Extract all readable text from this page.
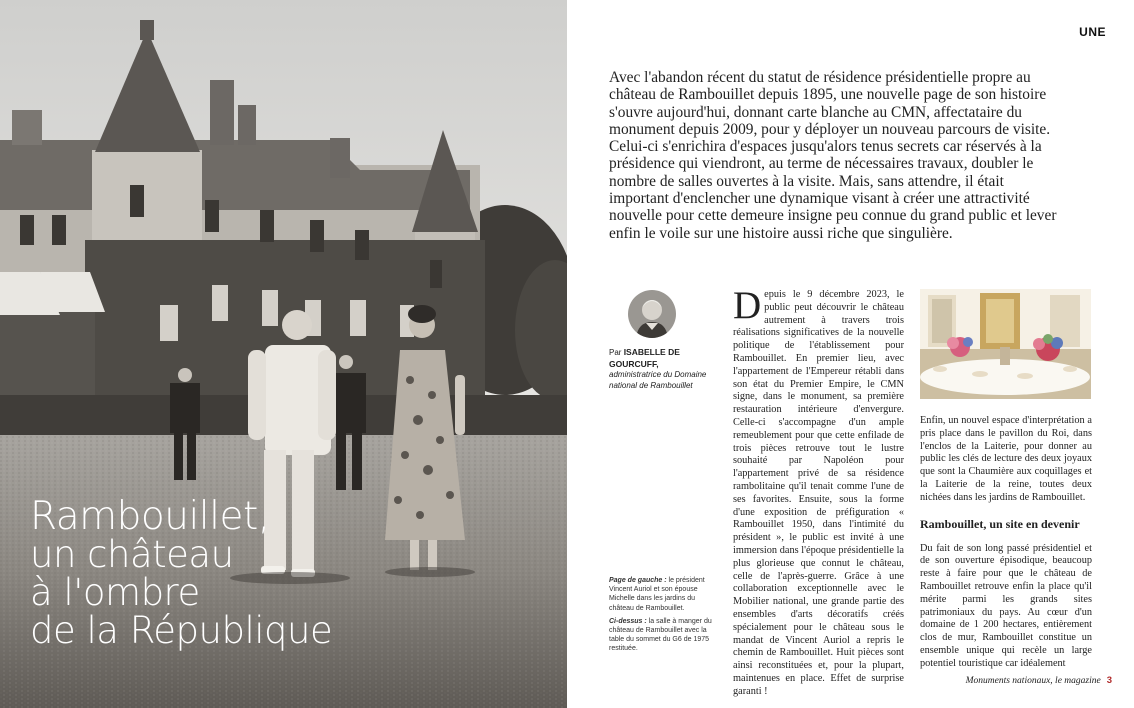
Rambouillet,
un château
à l'ombre
de la République
UNE

Avec l'abandon récent du statut de résidence présidentielle propre au château de Rambouillet depuis 1895, une nouvelle page de son histoire s'ouvre aujourd'hui, donnant carte blanche au CMN, affectataire du monument depuis 2009, pour y déployer un nouveau parcours de visite. Celui-ci s'enrichira d'espaces jusqu'alors tenus secrets car réservés à la présidence qui viendront, au terme de nécessaires travaux, doubler le nombre de salles ouvertes à la visite. Mais, sans attendre, il était important d'enclencher une dynamique visant à créer une attractivité nouvelle pour cette demeure insigne peu connue du grand public et lever enfin le voile sur une histoire aussi riche que singulière.

Par ISABELLE DE GOURCUFF,
administratrice du Domaine national de Rambouillet

Page de gauche : le président Vincent Auriol et son épouse Michelle dans les jardins du château de Rambouillet.

Ci-dessus : la salle à manger du château de Rambouillet avec la table du sommet du G6 de 1975 restituée.

Depuis le 9 décembre 2023, le public peut découvrir le château autrement à travers trois réalisations significatives de la nouvelle politique de l'établissement pour Rambouillet. En premier lieu, avec l'appartement de l'Empereur rétabli dans son état du Premier Empire, le CMN signe, dans le monument, sa première restauration intérieure d'envergure. Celle-ci s'accompagne d'un ample remeublement pour que cette enfilade de trois pièces retrouve tout le lustre souhaité par Napoléon pour l'appartement privé de sa résidence rambolitaine qu'il tenait comme l'une de ses favorites. Ensuite, sous la forme d'une exposition de préfiguration « Rambouillet 1950, dans l'intimité du président », le public est invité à une immersion dans l'époque présidentielle la plus glorieuse que connut le château, celle de l'après-guerre. Grâce à une collaboration exceptionnelle avec le Mobilier national, une grande partie des ensembles d'arts décoratifs créés spécialement pour le château sous le mandat de Vincent Auriol a repris le chemin de Rambouillet. Huit pièces sont ainsi reconstituées et, pour la plupart, maintenues en place. Effet de surprise garanti !

Enfin, un nouvel espace d'interprétation a pris place dans le pavillon du Roi, dans l'enclos de la Laiterie, pour donner au public les clés de lecture des deux joyaux que sont la Chaumière aux coquillages et la Laiterie de la reine, toutes deux nichées dans les jardins de Rambouillet.

Rambouillet, un site en devenir

Du fait de son long passé présidentiel et de son ouverture épisodique, beaucoup reste à faire pour que le château de Rambouillet retrouve enfin la place qu'il mérite parmi les grands sites patrimoniaux du pays. Au cœur d'un domaine de 1 200 hectares, entièrement clos de mur, Rambouillet constitue un ensemble unique qui recèle un large potentiel touristique car idéalement

Monuments nationaux, le magazine 3
